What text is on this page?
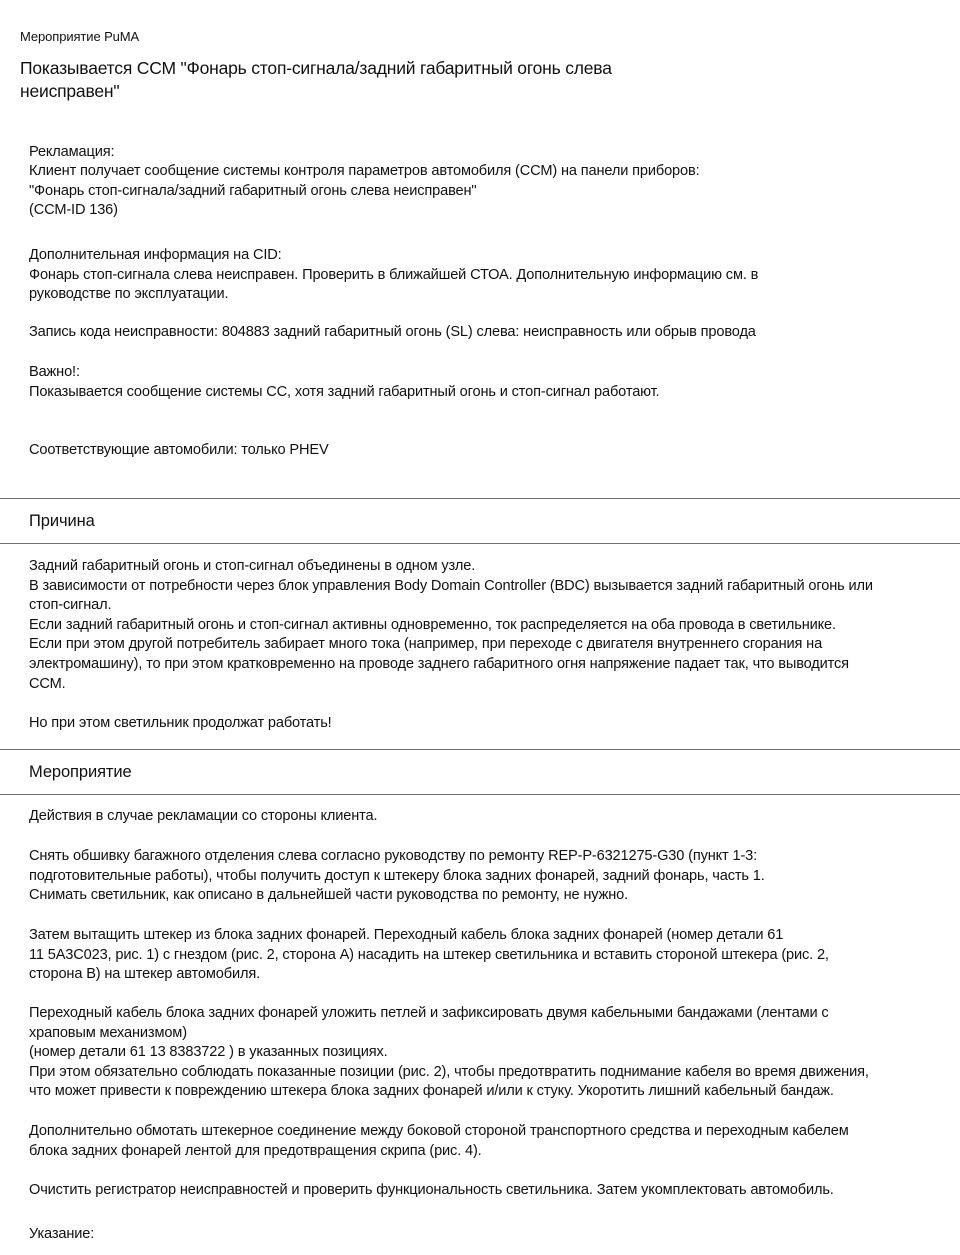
Мероприятие PuMA
Показывается ССМ "Фонарь стоп-сигнала/задний габаритный огонь слева
неисправен"

Рекламация:

Клиент получает сообщение системы контроля параметров автомобиля (ССМ) на панели приборов:
"Фонарь стоп-сигнала/задний габаритный огонь слева неисправен"
(ССМ-ID 136)

Дополнительная информация на CID:
Фонарь стоп-сигнала слева неисправен. Проверить в ближайшей СТОА. Дополнительную информацию см. в
руководстве по эксплуатации.

Запись кода неисправности: 804883 задний габаритный огонь (SL) слева: неисправность или обрыв провода

Важно!:
Показывается сообщение системы СС, хотя задний габаритный огонь и стоп-сигнал работают.

Соответствующие автомобили: только PHEV

Причина

Задний габаритный огонь и стоп-сигнал объединены в одном узле.
В зависимости от потребности через блок управления Body Domain Controller (BDC) вызывается задний габаритный огонь или
стоп-сигнал.
Если задний габаритный огонь и стоп-сигнал активны одновременно, ток распределяется на оба провода в светильнике.
Если при этом другой потребитель забирает много тока (например, при переходе с двигателя внутреннего сгорания на
электромашину), то при этом кратковременно на проводе заднего габаритного огня напряжение падает так, что выводится
ССМ.

Но при этом светильник продолжат работать!

Мероприятие

Действия в случае рекламации со стороны клиента.

Снять обшивку багажного отделения слева согласно руководству по ремонту REP-P-6321275-G30 (пункт 1-3:
подготовительные работы), чтобы получить доступ к штекеру блока задних фонарей, задний фонарь, часть 1.
Снимать светильник, как описано в дальнейшей части руководства по ремонту, не нужно.

Затем вытащить штекер из блока задних фонарей. Переходный кабель блока задних фонарей (номер детали 61
11 5A3C023, рис. 1) с гнездом (рис. 2, сторона А) насадить на штекер светильника и вставить стороной штекера (рис. 2,
сторона В) на штекер автомобиля.

Переходный кабель блока задних фонарей уложить петлей и зафиксировать двумя кабельными бандажами (лентами с
храповым механизмом)
(номер детали 61 13 8383722 ) в указанных позициях.
При этом обязательно соблюдать показанные позиции (рис. 2), чтобы предотвратить поднимание кабеля во время движения,
что может привести к повреждению штекера блока задних фонарей и/или к стуку. Укоротить лишний кабельный бандаж.

Дополнительно обмотать штекерное соединение между боковой стороной транспортного средства и переходным кабелем
блока задних фонарей лентой для предотвращения скрипа (рис. 4).

Очистить регистратор неисправностей и проверить функциональность светильника. Затем укомплектовать автомобиль.

Указание:
